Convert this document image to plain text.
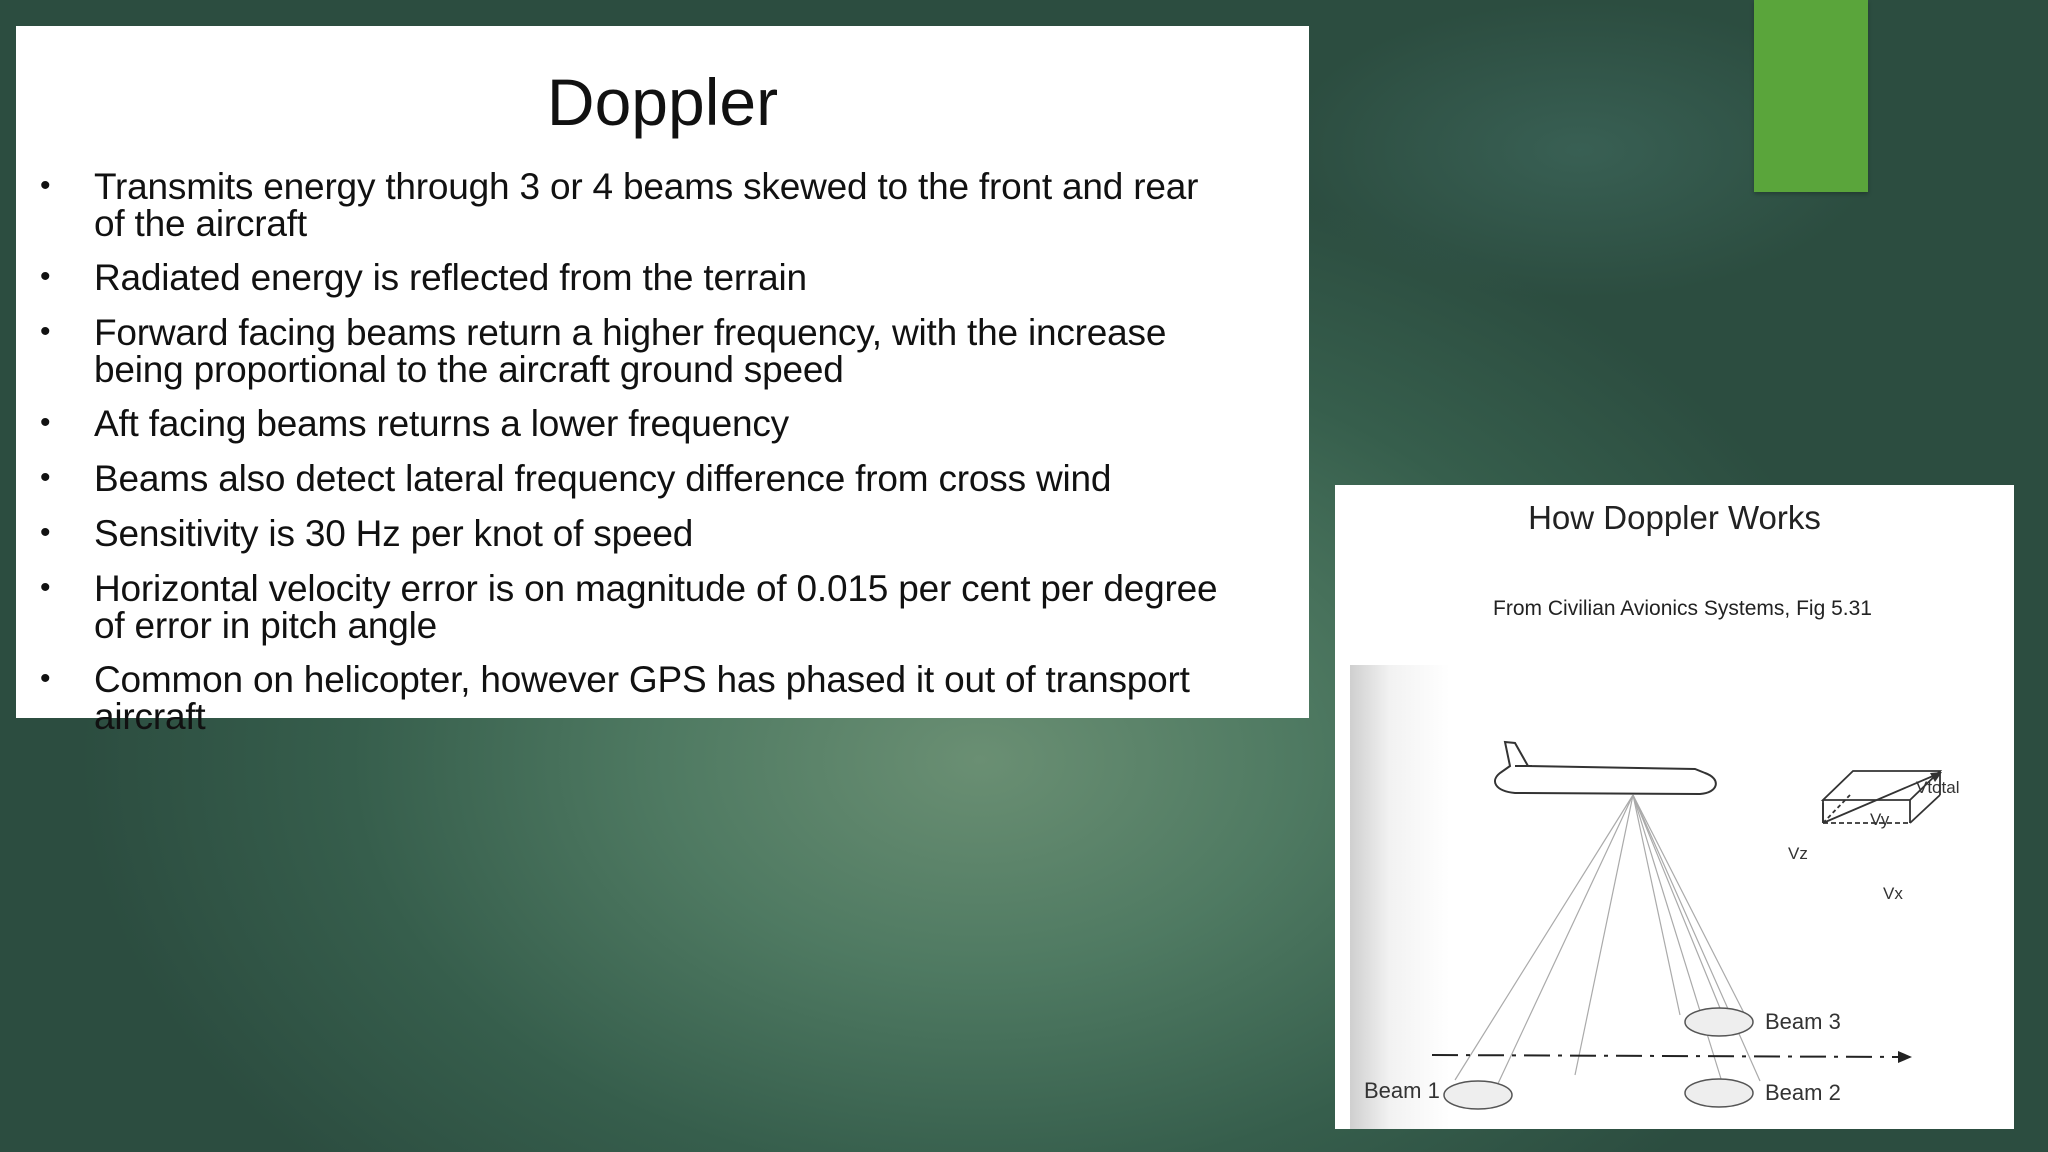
Doppler
• Transmits energy through 3 or 4 beams skewed to the front and rear
of the aircraft
• Radiated energy is reflected from the terrain
• Forward facing beams return a higher frequency, with the increase
being proportional to the aircraft ground speed
• Aft facing beams returns a lower frequency
• Beams also detect lateral frequency difference from cross wind
• Sensitivity is 30 Hz per knot of speed
• Horizontal velocity error is on magnitude of 0.015 per cent per degree
of error in pitch angle
• Common on helicopter, however GPS has phased it out of transport
aircraft
How Doppler Works
From Civilian Avionics Systems, Fig 5.31
Beam 3
Beam 2
Beam 1
Vtotal
Vy
Vz
Vx
